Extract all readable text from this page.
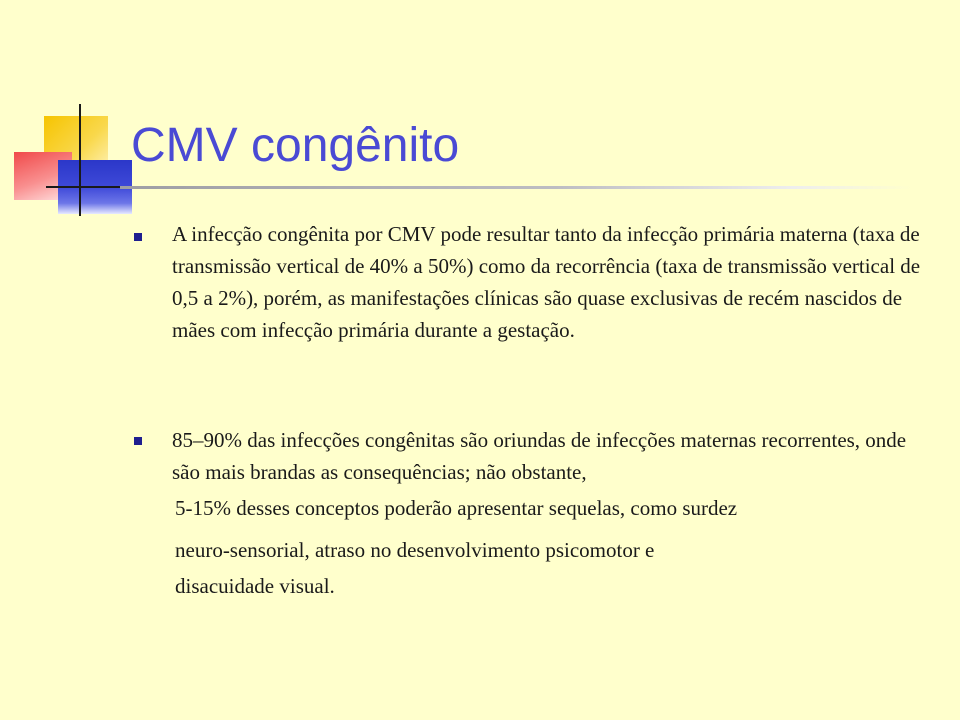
CMV congênito

A infecção congênita por CMV pode resultar tanto da infecção primária materna (taxa de transmissão vertical de 40% a 50%) como da recorrência (taxa de transmissão vertical de 0,5 a 2%), porém, as manifestações clínicas são quase exclusivas de recém nascidos de mães com infecção primária durante a gestação.

85–90% das infecções congênitas são oriundas de infecções maternas recorrentes, onde são mais brandas as consequências; não obstante,

5-15% desses conceptos poderão apresentar sequelas, como surdez

neuro-sensorial, atraso no desenvolvimento psicomotor e

disacuidade visual.
